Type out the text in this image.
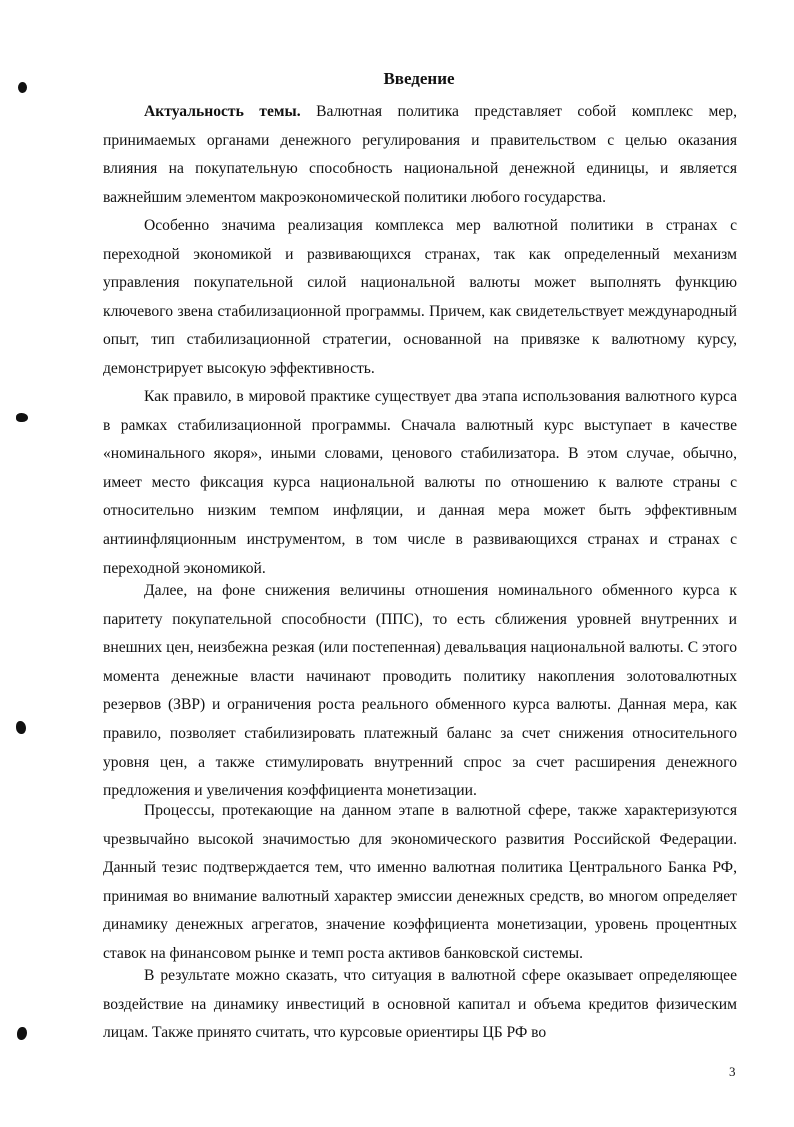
Введение

Актуальность темы. Валютная политика представляет собой комплекс мер, принимаемых органами денежного регулирования и правительством с целью оказания влияния на покупательную способность национальной денежной единицы, и является важнейшим элементом макроэкономической политики любого государства.

Особенно значима реализация комплекса мер валютной политики в странах с переходной экономикой и развивающихся странах, так как определенный механизм управления покупательной силой национальной валюты может выполнять функцию ключевого звена стабилизационной программы. Причем, как свидетельствует международный опыт, тип стабилизационной стратегии, основанной на привязке к валютному курсу, демонстрирует высокую эффективность.

Как правило, в мировой практике существует два этапа использования валютного курса в рамках стабилизационной программы. Сначала валютный курс выступает в качестве «номинального якоря», иными словами, ценового стабилизатора. В этом случае, обычно, имеет место фиксация курса национальной валюты по отношению к валюте страны с относительно низким темпом инфляции, и данная мера может быть эффективным антиинфляционным инструментом, в том числе в развивающихся странах и странах с переходной экономикой.

Далее, на фоне снижения величины отношения номинального обменного курса к паритету покупательной способности (ППС), то есть сближения уровней внутренних и внешних цен, неизбежна резкая (или постепенная) девальвация национальной валюты. С этого момента денежные власти начинают проводить политику накопления золотовалютных резервов (ЗВР) и ограничения роста реального обменного курса валюты. Данная мера, как правило, позволяет стабилизировать платежный баланс за счет снижения относительного уровня цен, а также стимулировать внутренний спрос за счет расширения денежного предложения и увеличения коэффициента монетизации.

Процессы, протекающие на данном этапе в валютной сфере, также характеризуются чрезвычайно высокой значимостью для экономического развития Российской Федерации. Данный тезис подтверждается тем, что именно валютная политика Центрального Банка РФ, принимая во внимание валютный характер эмиссии денежных средств, во многом определяет динамику денежных агрегатов, значение коэффициента монетизации, уровень процентных ставок на финансовом рынке и темп роста активов банковской системы.

В результате можно сказать, что ситуация в валютной сфере оказывает определяющее воздействие на динамику инвестиций в основной капитал и объема кредитов физическим лицам. Также принято считать, что курсовые ориентиры ЦБ РФ во

3
